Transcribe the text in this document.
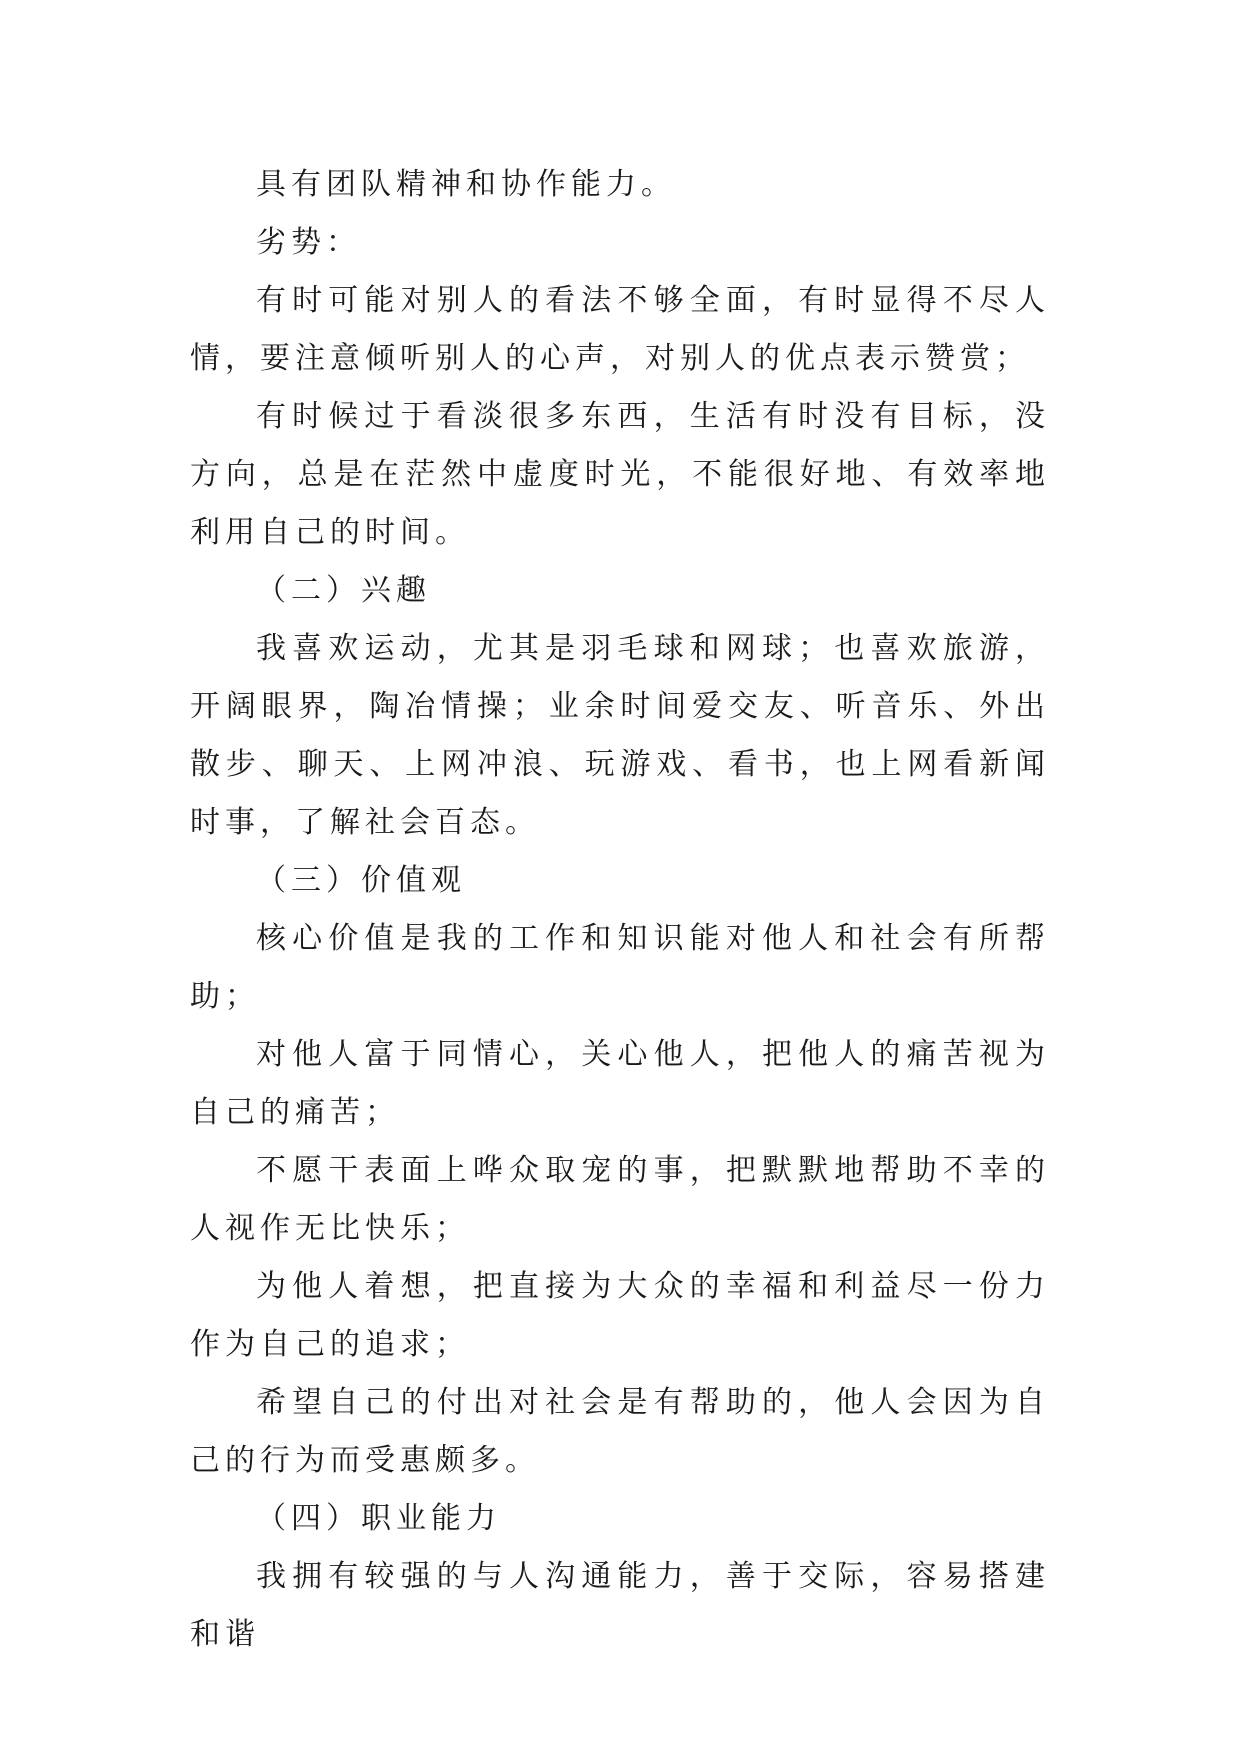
具有团队精神和协作能力。

劣势：

有时可能对别人的看法不够全面，有时显得不尽人情，要注意倾听别人的心声，对别人的优点表示赞赏；

有时候过于看淡很多东西，生活有时没有目标，没方向，总是在茫然中虚度时光，不能很好地、有效率地利用自己的时间。

（二）兴趣

我喜欢运动，尤其是羽毛球和网球；也喜欢旅游，开阔眼界，陶冶情操；业余时间爱交友、听音乐、外出散步、聊天、上网冲浪、玩游戏、看书，也上网看新闻时事，了解社会百态。

（三）价值观

核心价值是我的工作和知识能对他人和社会有所帮助；

对他人富于同情心，关心他人，把他人的痛苦视为自己的痛苦；

不愿干表面上哗众取宠的事，把默默地帮助不幸的人视作无比快乐；

为他人着想，把直接为大众的幸福和利益尽一份力作为自己的追求；

希望自己的付出对社会是有帮助的，他人会因为自己的行为而受惠颇多。

（四）职业能力

我拥有较强的与人沟通能力，善于交际，容易搭建和谐
